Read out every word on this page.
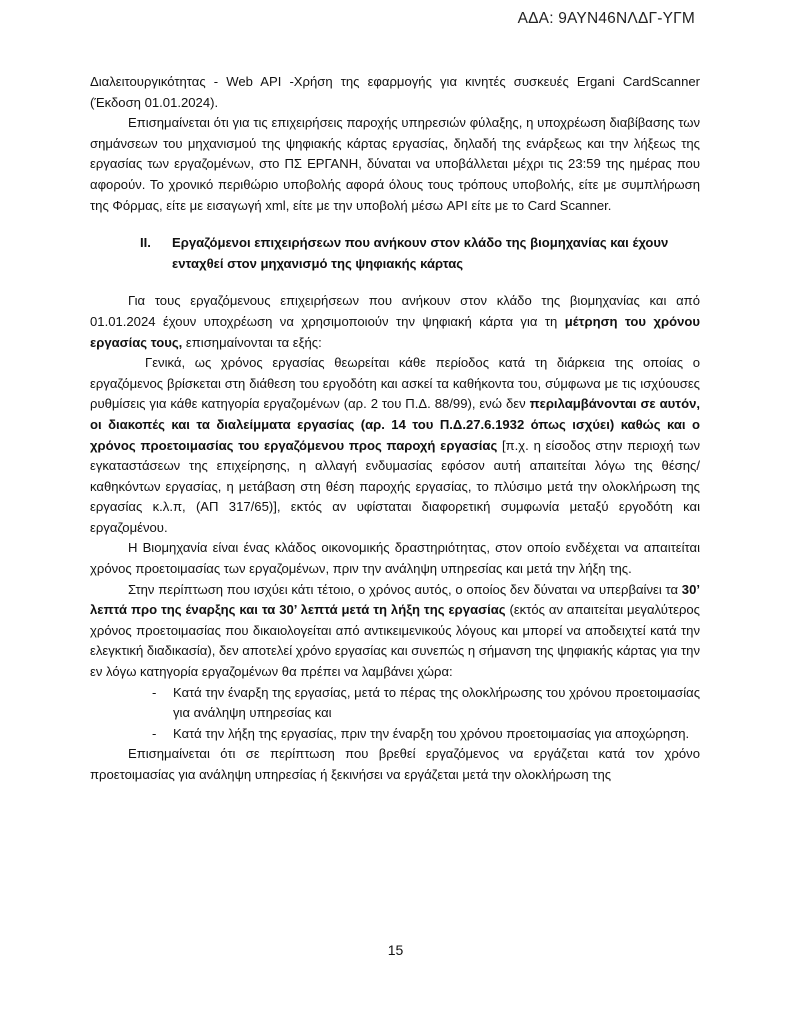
ΑΔΑ: 9ΑΥΝ46ΝΛΔΓ-ΥΓΜ

Διαλειτουργικότητας - Web API -Χρήση της εφαρμογής για κινητές συσκευές Ergani CardScanner (Έκδοση 01.01.2024).

Επισημαίνεται ότι για τις επιχειρήσεις παροχής υπηρεσιών φύλαξης, η υποχρέωση διαβίβασης των σημάνσεων του μηχανισμού της ψηφιακής κάρτας εργασίας, δηλαδή της ενάρξεως και την λήξεως της εργασίας των εργαζομένων, στο ΠΣ ΕΡΓΑΝΗ, δύναται να υποβάλλεται μέχρι τις 23:59 της ημέρας που αφορούν. Το χρονικό περιθώριο υποβολής αφορά όλους τους τρόπους υποβολής, είτε με συμπλήρωση της Φόρμας, είτε με εισαγωγή xml, είτε με την υποβολή μέσω API είτε με το Card Scanner.

II.	Εργαζόμενοι επιχειρήσεων που ανήκουν στον κλάδο της βιομηχανίας και έχουν ενταχθεί στον μηχανισμό της ψηφιακής κάρτας

Για τους εργαζόμενους επιχειρήσεων που ανήκουν στον κλάδο της βιομηχανίας και από 01.01.2024 έχουν υποχρέωση να χρησιμοποιούν την ψηφιακή κάρτα για τη μέτρηση του χρόνου εργασίας τους, επισημαίνονται τα εξής:

Γενικά, ως χρόνος εργασίας θεωρείται κάθε περίοδος κατά τη διάρκεια της οποίας ο εργαζόμενος βρίσκεται στη διάθεση του εργοδότη και ασκεί τα καθήκοντα του, σύμφωνα με τις ισχύουσες ρυθμίσεις για κάθε κατηγορία εργαζομένων (αρ. 2 του Π.Δ. 88/99), ενώ δεν περιλαμβάνονται σε αυτόν, οι διακοπές και τα διαλείμματα εργασίας (αρ. 14 του Π.Δ.27.6.1932 όπως ισχύει) καθώς και ο χρόνος προετοιμασίας του εργαζόμενου προς παροχή εργασίας [π.χ. η είσοδος στην περιοχή των εγκαταστάσεων της επιχείρησης, η αλλαγή ενδυμασίας εφόσον αυτή απαιτείται λόγω της θέσης/καθηκόντων εργασίας, η μετάβαση στη θέση παροχής εργασίας, το πλύσιμο μετά την ολοκλήρωση της εργασίας κ.λ.π, (ΑΠ 317/65)], εκτός αν υφίσταται διαφορετική συμφωνία μεταξύ εργοδότη και εργαζομένου.

Η Βιομηχανία είναι ένας κλάδος οικονομικής δραστηριότητας, στον οποίο ενδέχεται να απαιτείται χρόνος προετοιμασίας των εργαζομένων, πριν την ανάληψη υπηρεσίας και μετά την λήξη της.

Στην περίπτωση που ισχύει κάτι τέτοιο, ο χρόνος αυτός, ο οποίος δεν δύναται να υπερβαίνει τα 30’ λεπτά προ της έναρξης και τα 30’ λεπτά μετά τη λήξη της εργασίας (εκτός αν απαιτείται μεγαλύτερος χρόνος προετοιμασίας που δικαιολογείται από αντικειμενικούς λόγους και μπορεί να αποδειχτεί κατά την ελεγκτική διαδικασία), δεν αποτελεί χρόνο εργασίας και συνεπώς η σήμανση της ψηφιακής κάρτας για την εν λόγω κατηγορία εργαζομένων θα πρέπει να λαμβάνει χώρα:

-	Κατά την έναρξη της εργασίας, μετά το πέρας της ολοκλήρωσης του χρόνου προετοιμασίας για ανάληψη υπηρεσίας και
-	Κατά την λήξη της εργασίας, πριν την έναρξη του χρόνου προετοιμασίας για αποχώρηση.

Επισημαίνεται ότι σε περίπτωση που βρεθεί εργαζόμενος να εργάζεται κατά τον χρόνο προετοιμασίας για ανάληψη υπηρεσίας ή ξεκινήσει να εργάζεται μετά την ολοκλήρωση της

15
